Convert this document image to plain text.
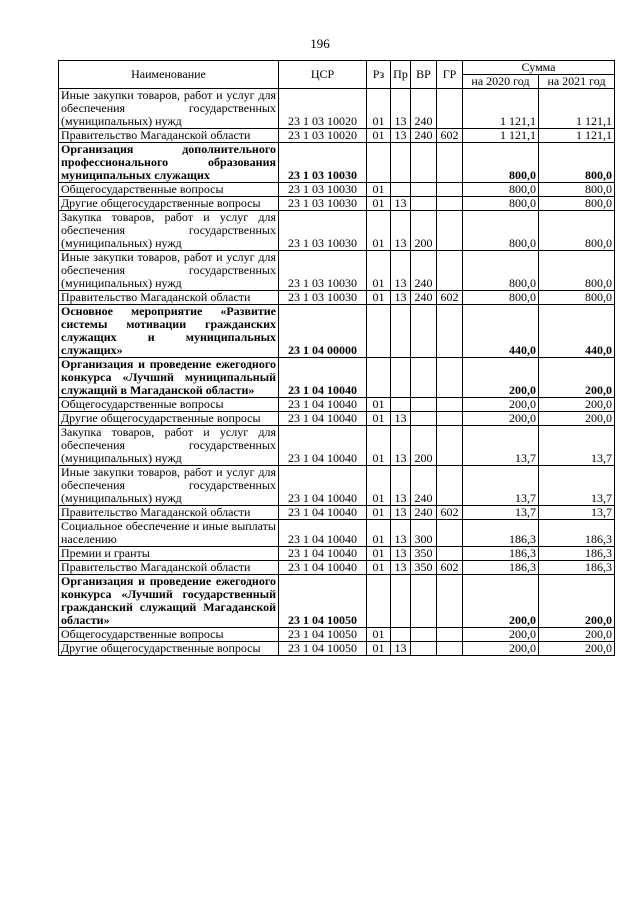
196
Наименование	ЦСР	Рз	Пр	ВР	ГР	Сумма	
						на 2020 год	на 2021 год
Иные закупки товаров, работ и услуг для обеспечения государственных (муниципальных) нужд	23 1 03 10020	01	13	240		1 121,1	1 121,1
Правительство Магаданской области	23 1 03 10020	01	13	240	602	1 121,1	1 121,1
Организация дополнительного профессионального образования муниципальных служащих	23 1 03 10030					800,0	800,0
Общегосударственные вопросы	23 1 03 10030	01				800,0	800,0
Другие общегосударственные вопросы	23 1 03 10030	01	13			800,0	800,0
Закупка товаров, работ и услуг для обеспечения государственных (муниципальных) нужд	23 1 03 10030	01	13	200		800,0	800,0
Иные закупки товаров, работ и услуг для обеспечения государственных (муниципальных) нужд	23 1 03 10030	01	13	240		800,0	800,0
Правительство Магаданской области	23 1 03 10030	01	13	240	602	800,0	800,0
Основное мероприятие «Развитие системы мотивации гражданских служащих и муниципальных служащих»	23 1 04 00000					440,0	440,0
Организация и проведение ежегодного конкурса «Лучший муниципальный служащий в Магаданской области»	23 1 04 10040					200,0	200,0
Общегосударственные вопросы	23 1 04 10040	01				200,0	200,0
Другие общегосударственные вопросы	23 1 04 10040	01	13			200,0	200,0
Закупка товаров, работ и услуг для обеспечения государственных (муниципальных) нужд	23 1 04 10040	01	13	200		13,7	13,7
Иные закупки товаров, работ и услуг для обеспечения государственных (муниципальных) нужд	23 1 04 10040	01	13	240		13,7	13,7
Правительство Магаданской области	23 1 04 10040	01	13	240	602	13,7	13,7
Социальное обеспечение и иные выплаты населению	23 1 04 10040	01	13	300		186,3	186,3
Премии и гранты	23 1 04 10040	01	13	350		186,3	186,3
Правительство Магаданской области	23 1 04 10040	01	13	350	602	186,3	186,3
Организация и проведение ежегодного конкурса «Лучший государственный гражданский служащий Магаданской области»	23 1 04 10050					200,0	200,0
Общегосударственные вопросы	23 1 04 10050	01				200,0	200,0
Другие общегосударственные вопросы	23 1 04 10050	01	13			200,0	200,0
